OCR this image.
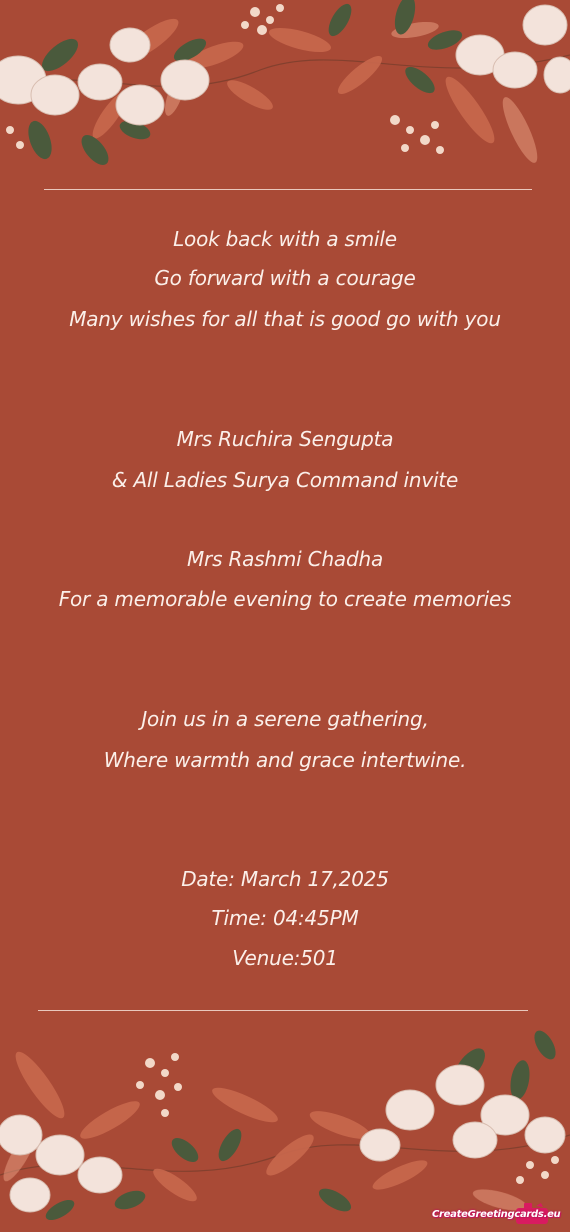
Look back with a smile
Go forward with a courage
Many wishes for all that is good go with you
Mrs Ruchira Sengupta
& All Ladies Surya Command invite
Mrs Rashmi Chadha
For a memorable evening to create memories
Join us in a serene gathering,
Where warmth and grace intertwine.
Date: March 17,2025
Time: 04:45PM
Venue:501
CreateGreetingcards.eu
